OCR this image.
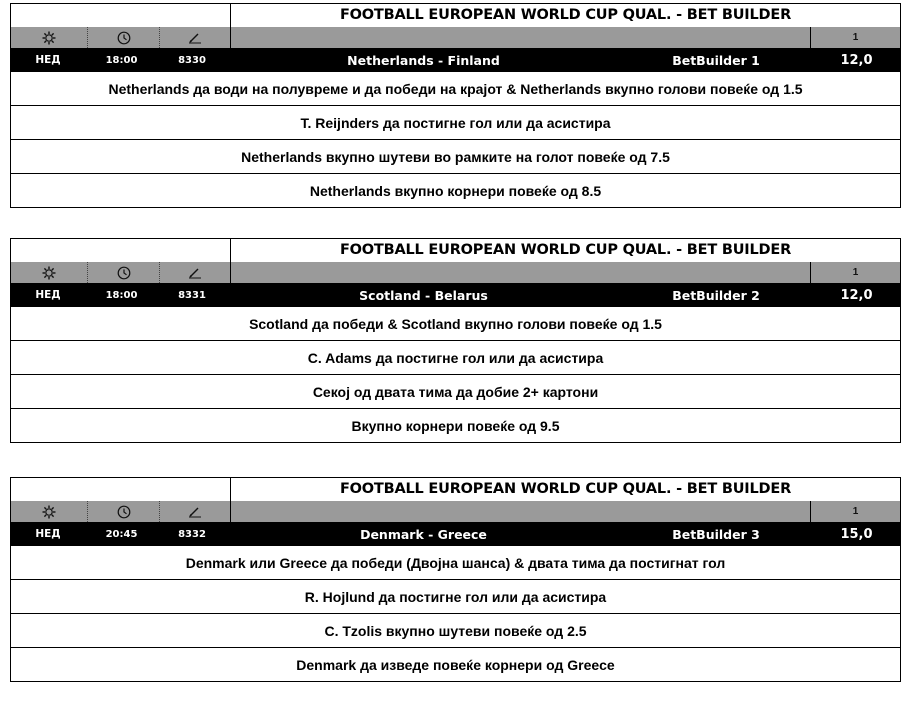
FOOTBALL EUROPEAN WORLD CUP QUAL. - BET BUILDER
1
НЕД	18:00	8330	Netherlands - Finland	BetBuilder 1	12,0
Netherlands да води на полувреме и да победи на крајот & Netherlands вкупно голови повеќе од 1.5
T. Reijnders да постигне гол или да асистира
Netherlands вкупно шутеви во рамките на голот повеќе од 7.5
Netherlands вкупно корнери повеќе од 8.5
FOOTBALL EUROPEAN WORLD CUP QUAL. - BET BUILDER
1
НЕД	18:00	8331	Scotland - Belarus	BetBuilder 2	12,0
Scotland да победи & Scotland вкупно голови повеќе од 1.5
C. Adams да постигне гол или да асистира
Секој од двата тима да добие 2+ картони
Вкупно корнери повеќе од 9.5
FOOTBALL EUROPEAN WORLD CUP QUAL. - BET BUILDER
1
НЕД	20:45	8332	Denmark - Greece	BetBuilder 3	15,0
Denmark или Greece да победи (Двојна шанса) & двата тима да постигнат гол
R. Hojlund да постигне гол или да асистира
C. Tzolis вкупно шутеви повеќе од 2.5
Denmark да изведе повеќе корнери од Greece
